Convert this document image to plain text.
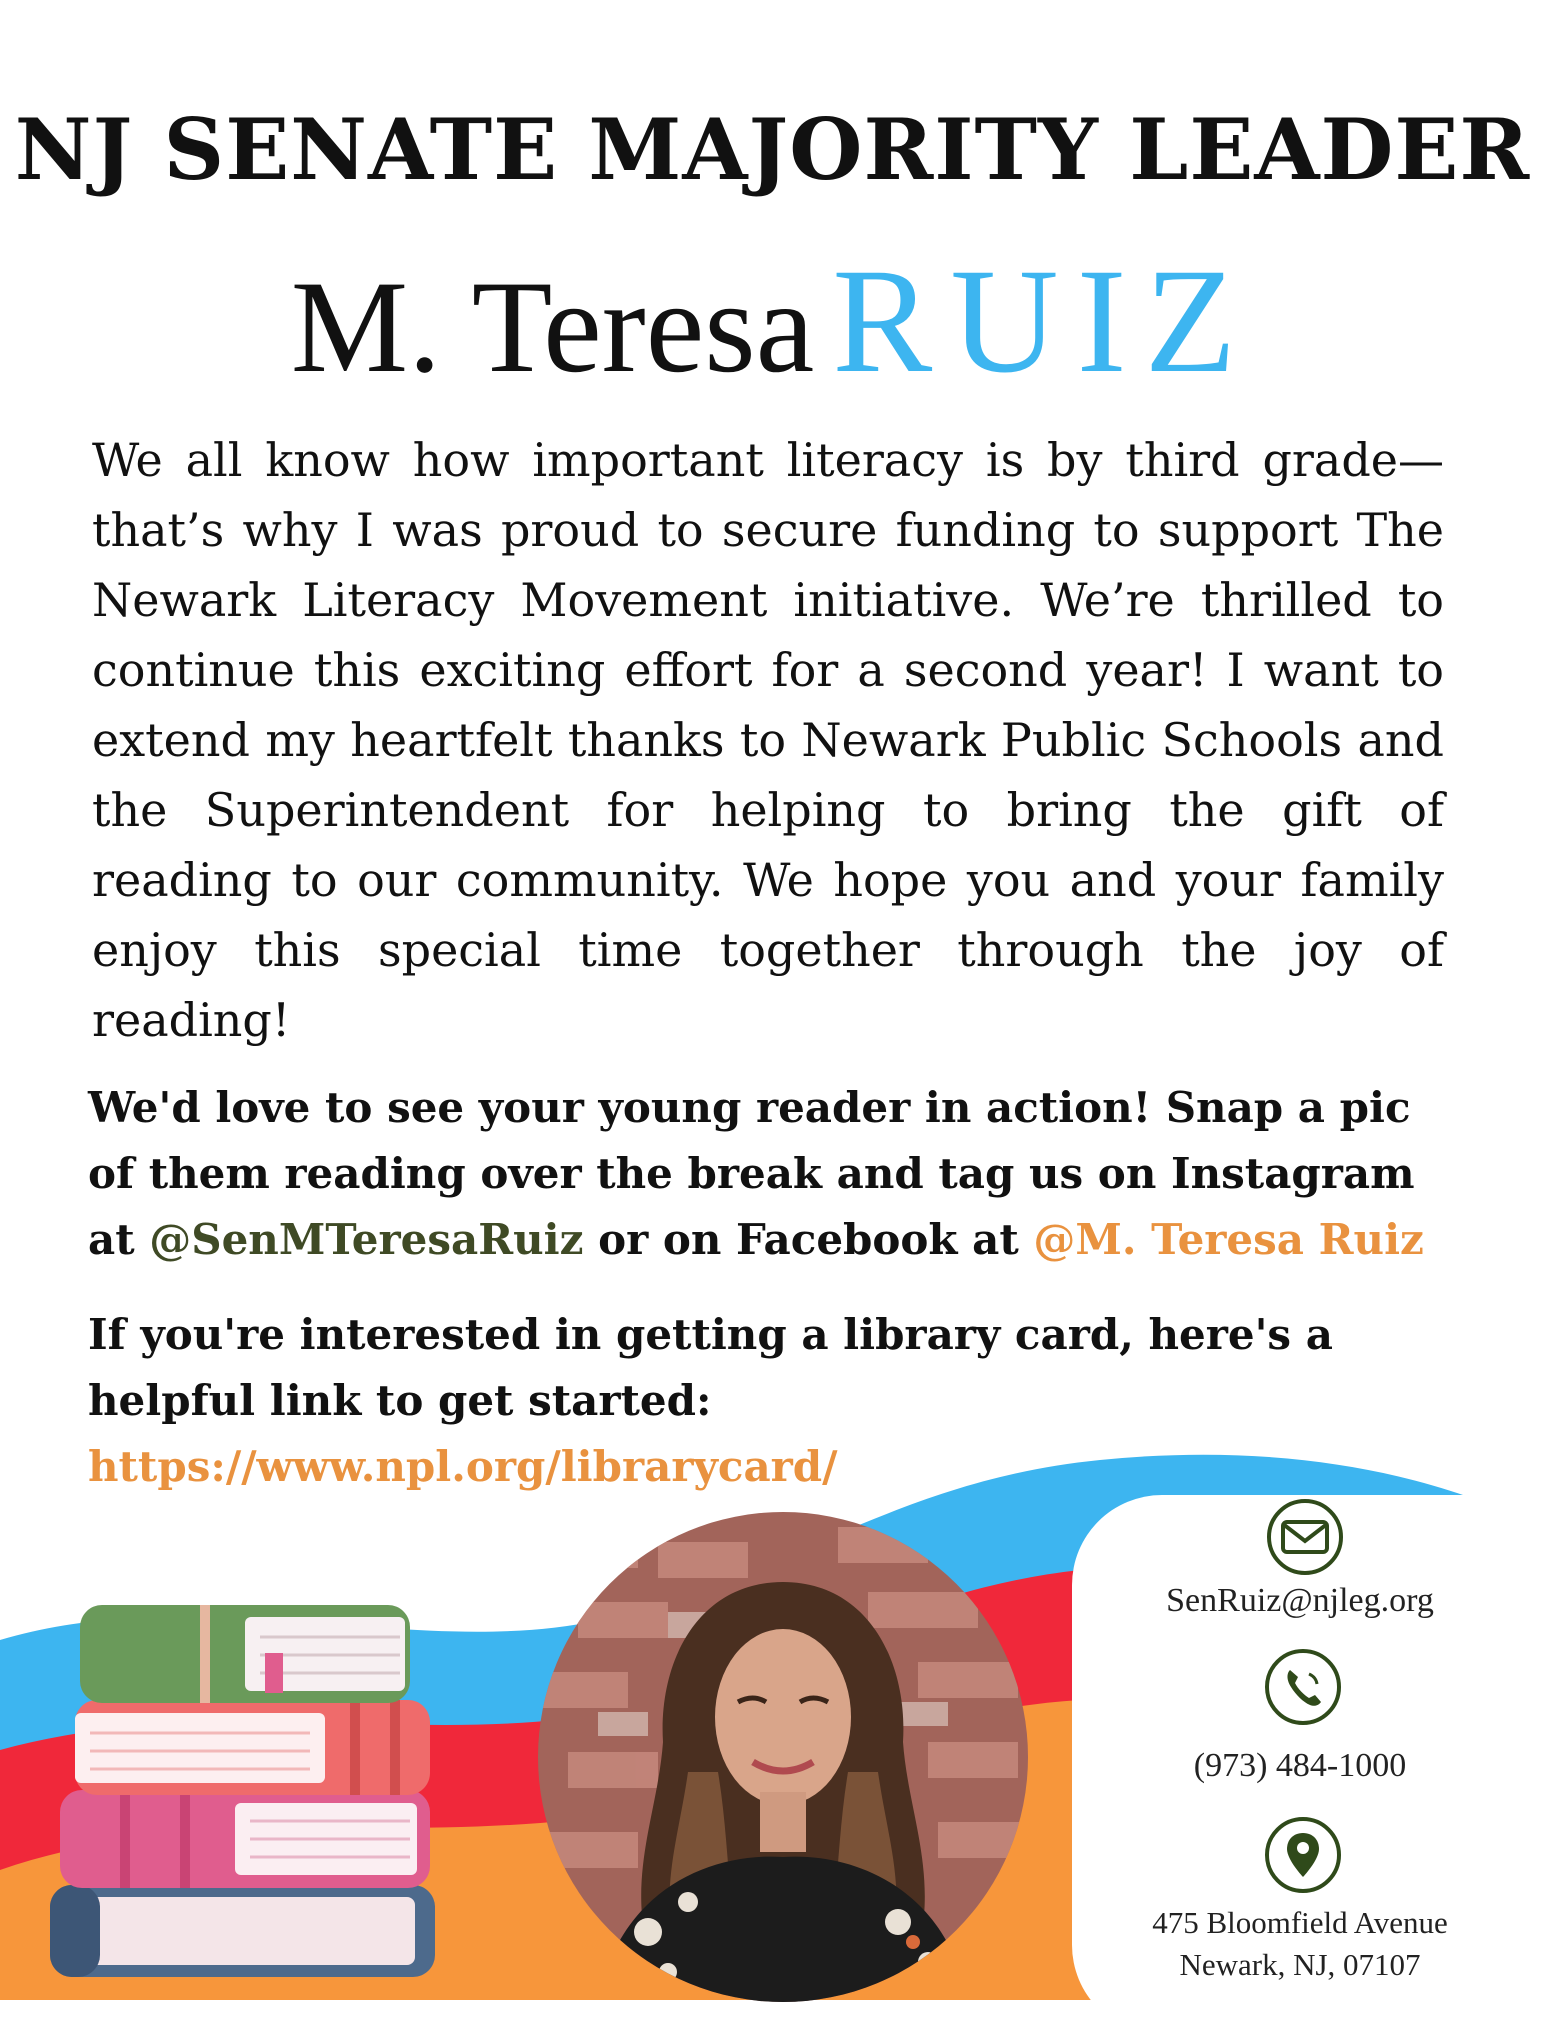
NJ SENATE MAJORITY LEADER
M. Teresa RUIZ

We all know how important literacy is by third grade— that’s why I was proud to secure funding to support The Newark Literacy Movement initiative. We’re thrilled to continue this exciting effort for a second year! I want to extend my heartfelt thanks to Newark Public Schools and the Superintendent for helping to bring the gift of reading to our community. We hope you and your family enjoy this special time together through the joy of reading!

We'd love to see your young reader in action! Snap a pic of them reading over the break and tag us on Instagram at @SenMTeresaRuiz or on Facebook at @M. Teresa Ruiz

If you're interested in getting a library card, here's a helpful link to get started:
https://www.npl.org/librarycard/

SenRuiz@njleg.org
(973) 484-1000
475 Bloomfield Avenue
Newark, NJ, 07107
